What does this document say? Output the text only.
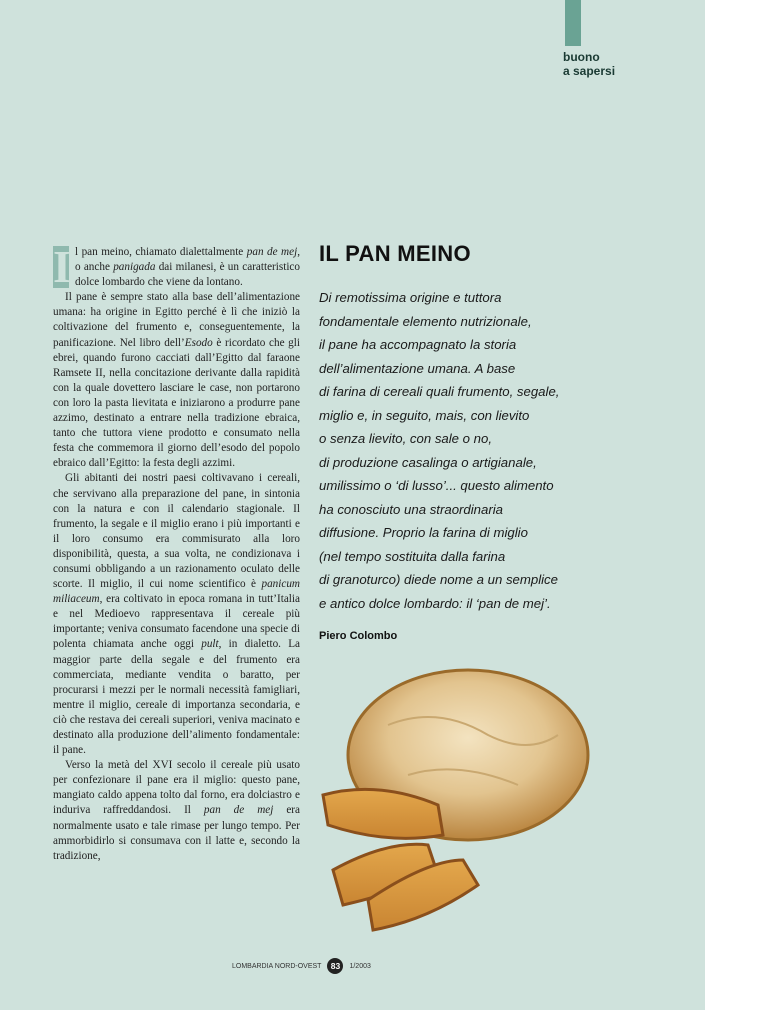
buono
a sapersi

I l pan meino, chiamato dialettalmente pan de mej, o anche panigada dai milanesi, è un caratteristico dolce lombardo che viene da lontano.

Il pane è sempre stato alla base dell’alimentazione umana: ha origine in Egitto perché è lì che iniziò la coltivazione del frumento e, conseguentemente, la panificazione. Nel libro dell’Esodo è ricordato che gli ebrei, quando furono cacciati dall’Egitto dal faraone Ramsete II, nella concitazione derivante dalla rapidità con la quale dovettero lasciare le case, non portarono con loro la pasta lievitata e iniziarono a produrre pane azzimo, destinato a entrare nella tradizione ebraica, tanto che tuttora viene prodotto e consumato nella festa che commemora il giorno dell’esodo del popolo ebraico dall’Egitto: la festa degli azzimi.

Gli abitanti dei nostri paesi coltivavano i cereali, che servivano alla preparazione del pane, in sintonia con la natura e con il calendario stagionale. Il frumento, la segale e il miglio erano i più importanti e il loro consumo era commisurato alla loro disponibilità, questa, a sua volta, ne condizionava i consumi obbligando a un razionamento oculato delle scorte. Il miglio, il cui nome scientifico è panicum miliaceum, era coltivato in epoca romana in tutt’Italia e nel Medioevo rappresentava il cereale più importante; veniva consumato facendone una specie di polenta chiamata anche oggi pult, in dialetto. La maggior parte della segale e del frumento era commerciata, mediante vendita o baratto, per procurarsi i mezzi per le normali necessità famigliari, mentre il miglio, cereale di importanza secondaria, e ciò che restava dei cereali superiori, veniva macinato e destinato alla produzione dell’alimento fondamentale: il pane.

Verso la metà del XVI secolo il cereale più usato per confezionare il pane era il miglio: questo pane, mangiato caldo appena tolto dal forno, era dolciastro e induriva raffreddandosi. Il pan de mej era normalmente usato e tale rimase per lungo tempo. Per ammorbidirlo si consumava con il latte e, secondo la tradizione,

IL PAN MEINO
Di remotissima origine e tuttora
fondamentale elemento nutrizionale,
il pane ha accompagnato la storia
dell’alimentazione umana. A base
di farina di cereali quali frumento, segale,
miglio e, in seguito, mais, con lievito
o senza lievito, con sale o no,
di produzione casalinga o artigianale,
umilissimo o ‘di lusso’... questo alimento
ha conosciuto una straordinaria
diffusione. Proprio la farina di miglio
(nel tempo sostituita dalla farina
di granoturco) diede nome a un semplice
e antico dolce lombardo: il ‘pan de mej’.
Piero Colombo
LOMBARDIA NORD-OVEST	83	1/2003
